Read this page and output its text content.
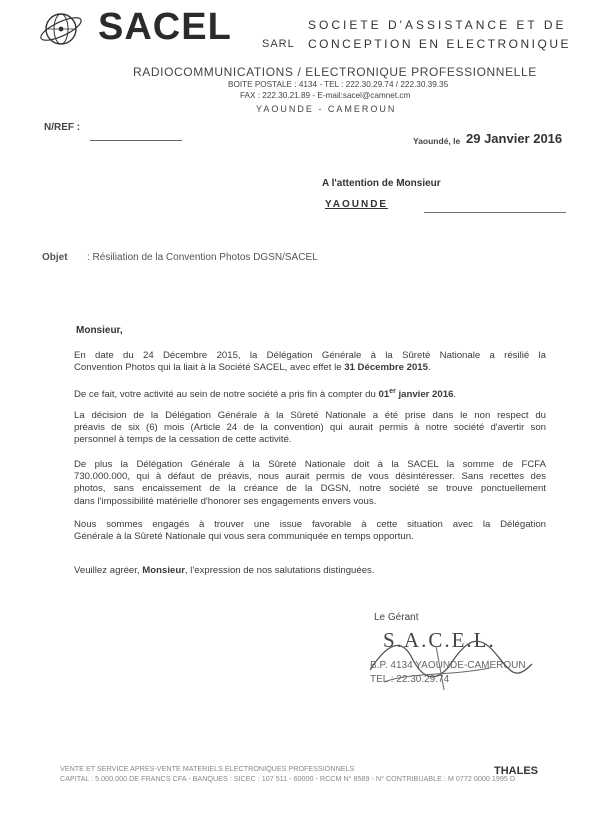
SACEL	SARL
SOCIETE D'ASSISTANCE ET DE
CONCEPTION EN ELECTRONIQUE
RADIOCOMMUNICATIONS / ELECTRONIQUE PROFESSIONNELLE
BOITE POSTALE : 4134 - TEL : 222.30.29.74 / 222.30.39.35
FAX : 222.30.21.89 - E-mail:sacel@camnet.cm
YAOUNDE - CAMEROUN
N/REF :
Yaoundé, le 29 Janvier 2016
A l'attention de Monsieur
YAOUNDE
Objet : Résiliation de la Convention Photos DGSN/SACEL
Monsieur,
En date du 24 Décembre 2015, la Délégation Générale à la Sûreté Nationale a résilié la
Convention Photos qui la liait à la Société SACEL, avec effet le 31 Décembre 2015.
De ce fait, votre activité au sein de notre société a pris fin à compter du 01er janvier 2016.
La décision de la Délégation Générale à la Sûreté Nationale a été prise dans le non respect du
préavis de six (6) mois (Article 24 de la convention) qui aurait permis à notre société d'avertir son
personnel à temps de la cessation de cette activité.
De plus la Délégation Générale à la Sûreté Nationale doit à la SACEL la somme de FCFA
730.000.000, qui à défaut de préavis, nous aurait permis de vous désintéresser. Sans recettes des
photos, sans encaissement de la créance de la DGSN, notre société se trouve ponctuellement
dans l'impossibilité matérielle d'honorer ses engagements envers vous.
Nous sommes engagés à trouver une issue favorable à cette situation avec la Délégation
Générale à la Sûreté Nationale qui vous sera communiquée en temps opportun.
Veuillez agréer, Monsieur, l'expression de nos salutations distinguées.
Le Gérant
S.A.C.E.L.
B.P. 4134 YAOUNDE-CAMEROUN
TEL : 22.30.29.74
VENTE ET SERVICE APRES-VENTE MATERIELS ELECTRONIQUES PROFESSIONNELS
CAPITAL : 5.000.000 DE FRANCS CFA - BANQUES : SICEC : 107 511 - 60000 - RCCM N° 8589 - N° CONTRIBUABLE : M 0772 0000 1995 D
THALES
